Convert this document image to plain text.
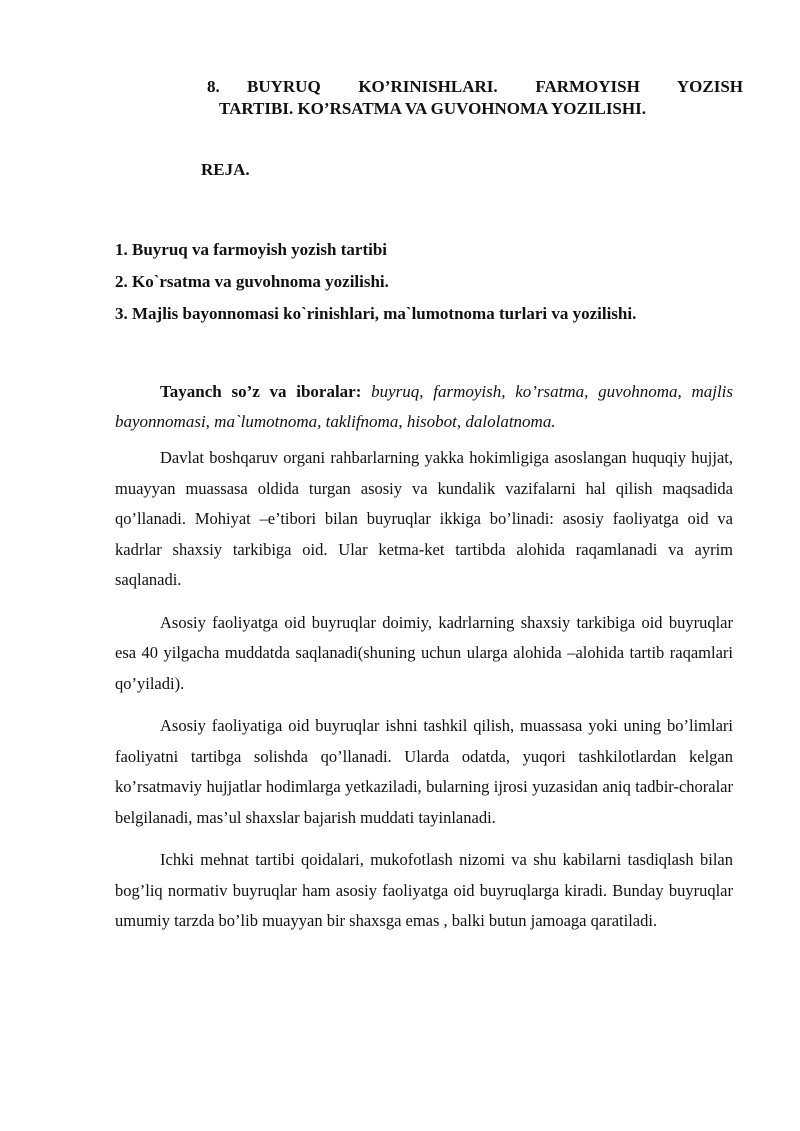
8.	BUYRUQ KO’RINISHLARI. FARMOYISH YOZISH
TARTIBI. KO’RSATMA VA GUVOHNOMA YOZILISHI.
REJA.
1. Buyruq va farmoyish yozish tartibi
2. Ko`rsatma va guvohnoma yozilishi.
3. Majlis bayonnomasi ko`rinishlari, ma`lumotnoma turlari va yozilishi.

Tayanch so’z va iboralar: buyruq, farmoyish, ko’rsatma, guvohnoma, majlis bayonnomasi, ma`lumotnoma, taklifnoma, hisobot, dalolatnoma.

Davlat boshqaruv organi rahbarlarning yakka hokimligiga asoslangan huquqiy hujjat, muayyan muassasa oldida turgan asosiy va kundalik vazifalarni hal qilish maqsadida qo’llanadi. Mohiyat –e’tibori bilan buyruqlar ikkiga bo’linadi: asosiy faoliyatga oid va kadrlar shaxsiy tarkibiga oid. Ular ketma-ket tartibda alohida raqamlanadi va ayrim saqlanadi.

Asosiy faoliyatga oid buyruqlar doimiy, kadrlarning shaxsiy tarkibiga oid buyruqlar esa 40 yilgacha muddatda saqlanadi(shuning uchun ularga alohida –alohida tartib raqamlari qo’yiladi).

Asosiy faoliyatiga oid buyruqlar ishni tashkil qilish, muassasa yoki uning bo’limlari faoliyatni tartibga solishda qo’llanadi. Ularda odatda, yuqori tashkilotlardan kelgan ko’rsatmaviy hujjatlar hodimlarga yetkaziladi, bularning ijrosi yuzasidan aniq tadbir-choralar belgilanadi, mas’ul shaxslar bajarish muddati tayinlanadi.

Ichki mehnat tartibi qoidalari, mukofotlash nizomi va shu kabilarni tasdiqlash bilan bog’liq normativ buyruqlar ham asosiy faoliyatga oid buyruqlarga kiradi. Bunday buyruqlar umumiy tarzda bo’lib muayyan bir shaxsga emas , balki butun jamoaga qaratiladi.
